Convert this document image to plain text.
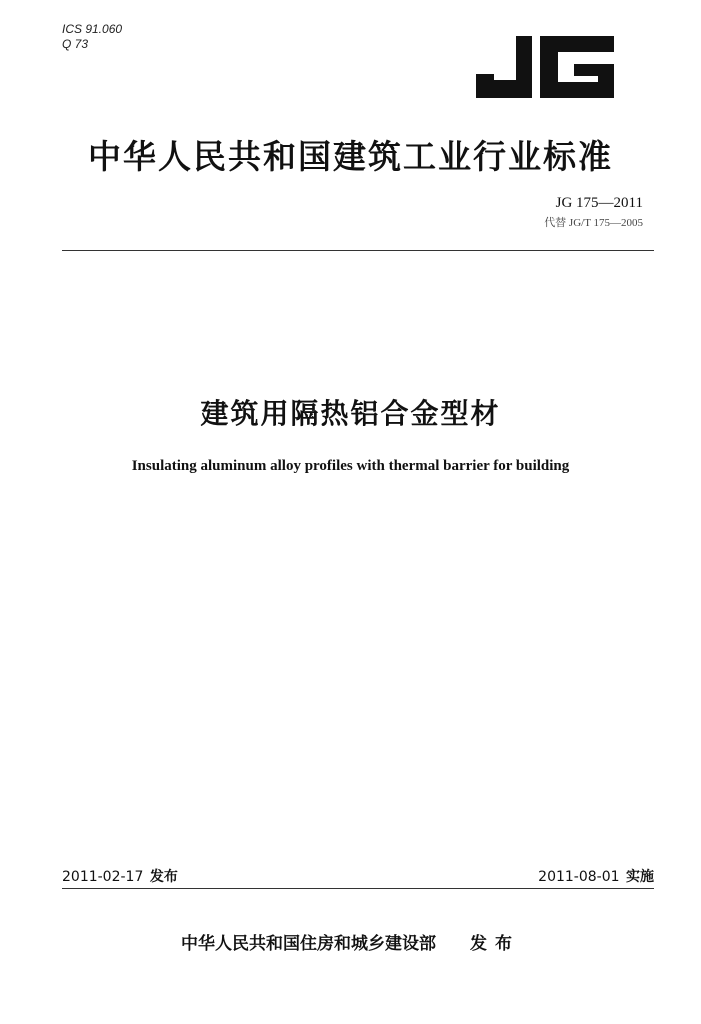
ICS 91.060
Q 73
中华人民共和国建筑工业行业标准
JG 175—2011
代替 JG/T 175—2005
建筑用隔热铝合金型材
Insulating aluminum alloy profiles with thermal barrier for building
2011-02-17 发布	2011-08-01 实施
中华人民共和国住房和城乡建设部 发布
